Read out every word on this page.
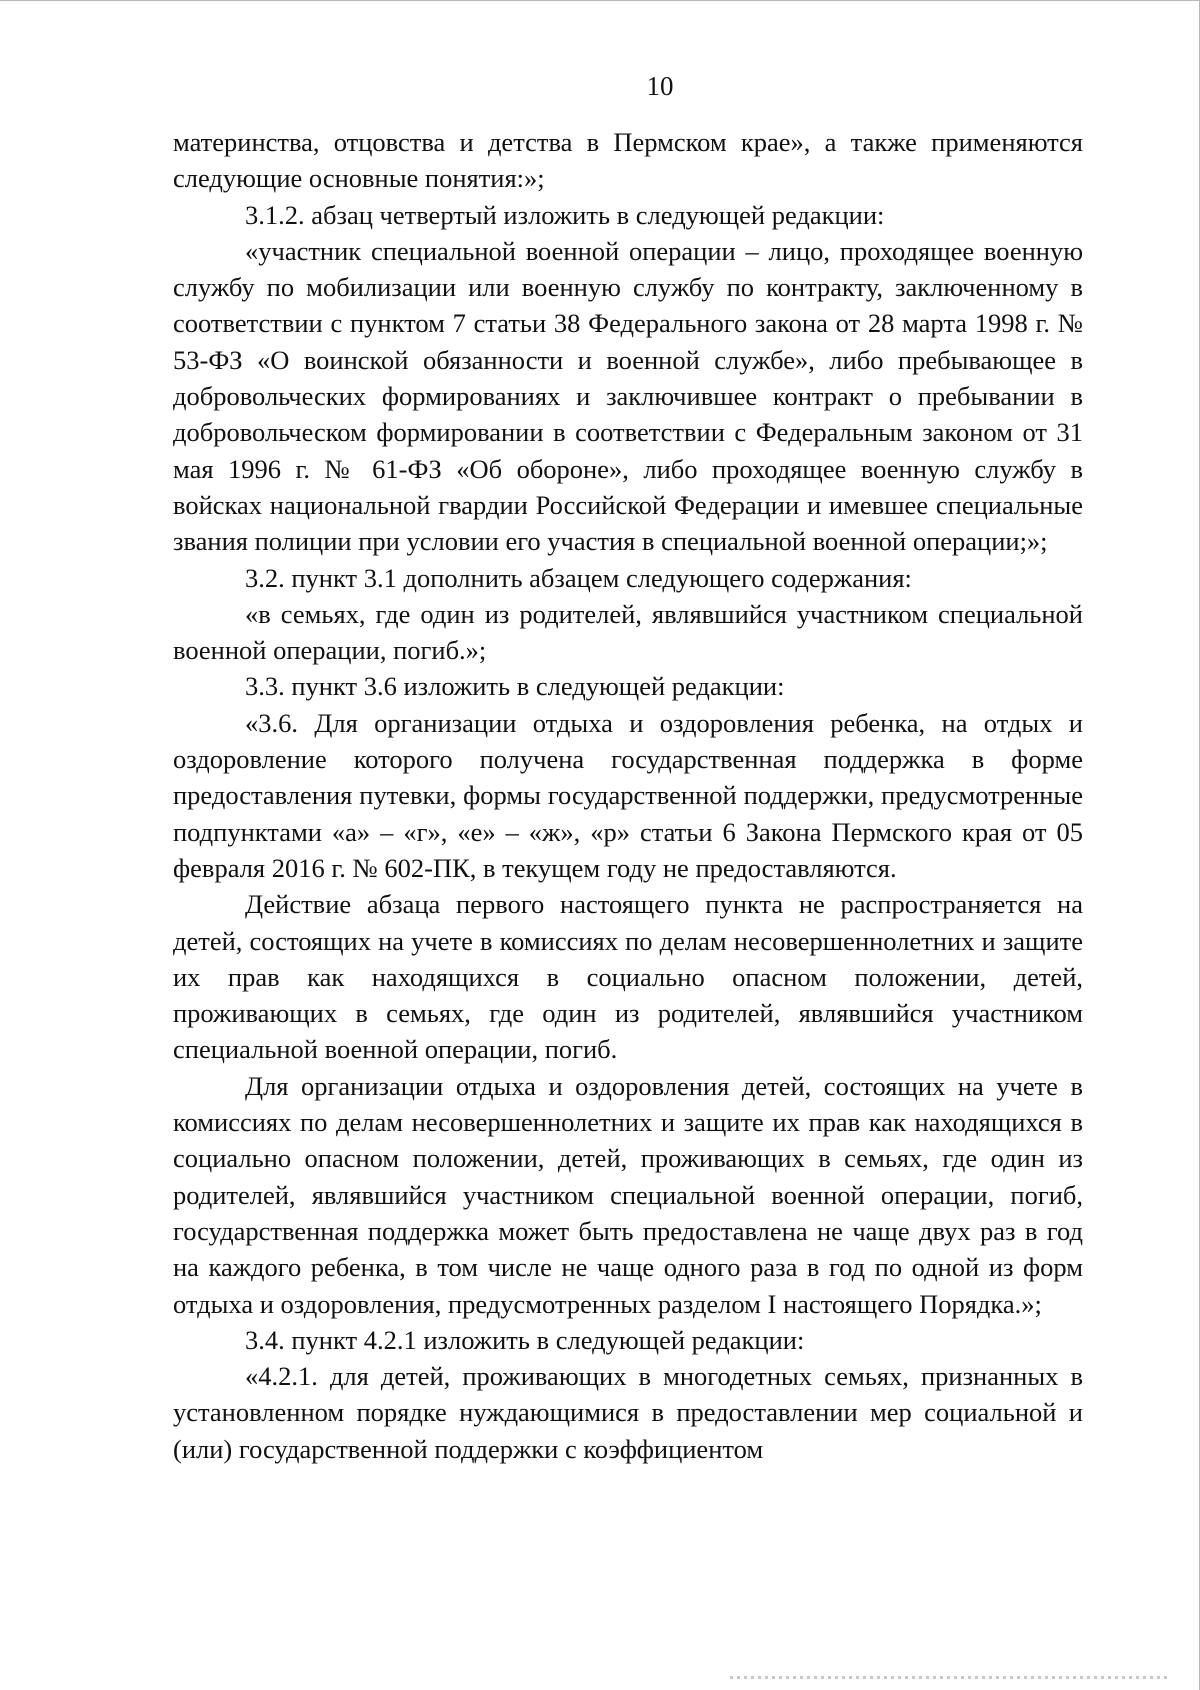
10

материнства, отцовства и детства в Пермском крае», а также применяются следующие основные понятия:»;

3.1.2. абзац четвертый изложить в следующей редакции:

«участник специальной военной операции – лицо, проходящее военную службу по мобилизации или военную службу по контракту, заключенному в соответствии с пунктом 7 статьи 38 Федерального закона от 28 марта 1998 г. № 53-ФЗ «О воинской обязанности и военной службе», либо пребывающее в добровольческих формированиях и заключившее контракт о пребывании в добровольческом формировании в соответствии с Федеральным законом от 31 мая 1996 г. № 61-ФЗ «Об обороне», либо проходящее военную службу в войсках национальной гвардии Российской Федерации и имевшее специальные звания полиции при условии его участия в специальной военной операции;»;

3.2. пункт 3.1 дополнить абзацем следующего содержания:

«в семьях, где один из родителей, являвшийся участником специальной военной операции, погиб.»;

3.3. пункт 3.6 изложить в следующей редакции:

«3.6. Для организации отдыха и оздоровления ребенка, на отдых и оздоровление которого получена государственная поддержка в форме предоставления путевки, формы государственной поддержки, предусмотренные подпунктами «а» – «г», «е» – «ж», «р» статьи 6 Закона Пермского края от 05 февраля 2016 г. № 602-ПК, в текущем году не предоставляются.

Действие абзаца первого настоящего пункта не распространяется на детей, состоящих на учете в комиссиях по делам несовершеннолетних и защите их прав как находящихся в социально опасном положении, детей, проживающих в семьях, где один из родителей, являвшийся участником специальной военной операции, погиб.

Для организации отдыха и оздоровления детей, состоящих на учете в комиссиях по делам несовершеннолетних и защите их прав как находящихся в социально опасном положении, детей, проживающих в семьях, где один из родителей, являвшийся участником специальной военной операции, погиб, государственная поддержка может быть предоставлена не чаще двух раз в год на каждого ребенка, в том числе не чаще одного раза в год по одной из форм отдыха и оздоровления, предусмотренных разделом I настоящего Порядка.»;

3.4. пункт 4.2.1 изложить в следующей редакции:

«4.2.1. для детей, проживающих в многодетных семьях, признанных в установленном порядке нуждающимися в предоставлении мер социальной и (или) государственной поддержки с коэффициентом
